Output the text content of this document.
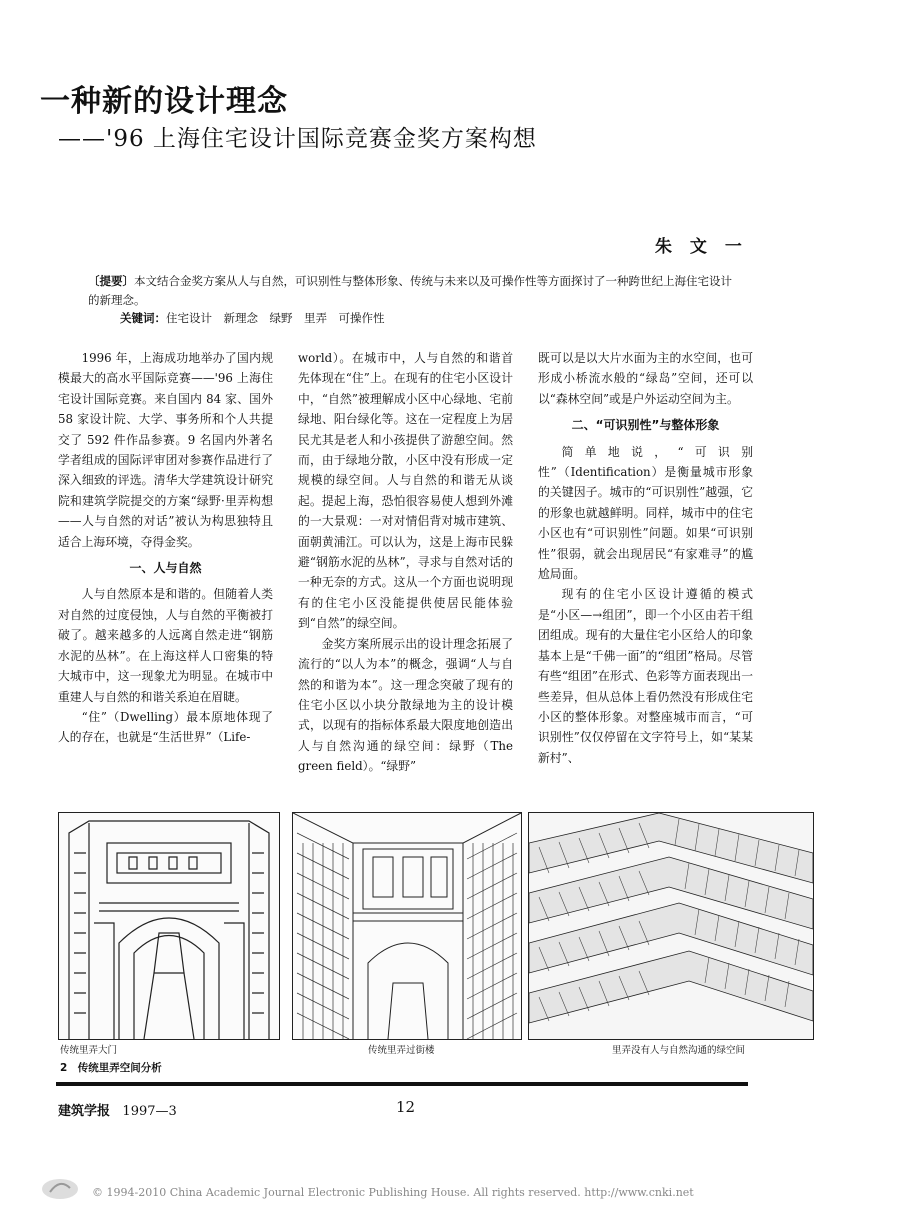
一种新的设计理念
——'96 上海住宅设计国际竞赛金奖方案构想
朱 文 一
〔提要〕本文结合金奖方案从人与自然，可识别性与整体形象、传统与未来以及可操作性等方面探讨了一种跨世纪上海住宅设计的新理念。
关键词：住宅设计　新理念　绿野　里弄　可操作性

1996 年，上海成功地举办了国内规模最大的高水平国际竞赛——'96 上海住宅设计国际竞赛。来自国内 84 家、国外 58 家设计院、大学、事务所和个人共提交了 592 件作品参赛。9 名国内外著名学者组成的国际评审团对参赛作品进行了深入细致的评选。清华大学建筑设计研究院和建筑学院提交的方案“绿野·里弄构想——人与自然的对话”被认为构思独特且适合上海环境，夺得金奖。

一、人与自然

人与自然原本是和谐的。但随着人类对自然的过度侵蚀，人与自然的平衡被打破了。越来越多的人远离自然走进“钢筋水泥的丛林”。在上海这样人口密集的特大城市中，这一现象尤为明显。在城市中重建人与自然的和谐关系迫在眉睫。

“住”（Dwelling）最本原地体现了人的存在，也就是“生活世界”（Life-

world）。在城市中，人与自然的和谐首先体现在“住”上。在现有的住宅小区设计中，“自然”被理解成小区中心绿地、宅前绿地、阳台绿化等。这在一定程度上为居民尤其是老人和小孩提供了游憩空间。然而，由于绿地分散，小区中没有形成一定规模的绿空间。人与自然的和谐无从谈起。提起上海，恐怕很容易使人想到外滩的一大景观：一对对情侣背对城市建筑、面朝黄浦江。可以认为，这是上海市民躲避“钢筋水泥的丛林”，寻求与自然对话的一种无奈的方式。这从一个方面也说明现有的住宅小区没能提供使居民能体验到“自然”的绿空间。

金奖方案所展示出的设计理念拓展了流行的“以人为本”的概念，强调“人与自然的和谐为本”。这一理念突破了现有的住宅小区以小块分散绿地为主的设计模式，以现有的指标体系最大限度地创造出人与自然沟通的绿空间：绿野（The green field）。“绿野”

既可以是以大片水面为主的水空间，也可形成小桥流水般的“绿岛”空间，还可以以“森林空间”或是户外运动空间为主。

二、“可识别性”与整体形象

简单地说，“可识别性”（Identification）是衡量城市形象的关键因子。城市的“可识别性”越强，它的形象也就越鲜明。同样，城市中的住宅小区也有“可识别性”问题。如果“可识别性”很弱，就会出现居民“有家难寻”的尴尬局面。

现有的住宅小区设计遵循的模式是“小区—→组团”，即一个小区由若干组团组成。现有的大量住宅小区给人的印象基本上是“千佛一面”的“组团”格局。尽管有些“组团”在形式、色彩等方面表现出一些差异，但从总体上看仍然没有形成住宅小区的整体形象。对整座城市而言，“可识别性”仅仅停留在文字符号上，如“某某新村”、

传统里弄大门	传统里弄过街楼	里弄没有人与自然沟通的绿空间
2　传统里弄空间分析
建筑学报 1997—3	12
© 1994-2010 China Academic Journal Electronic Publishing House. All rights reserved. http://www.cnki.net
